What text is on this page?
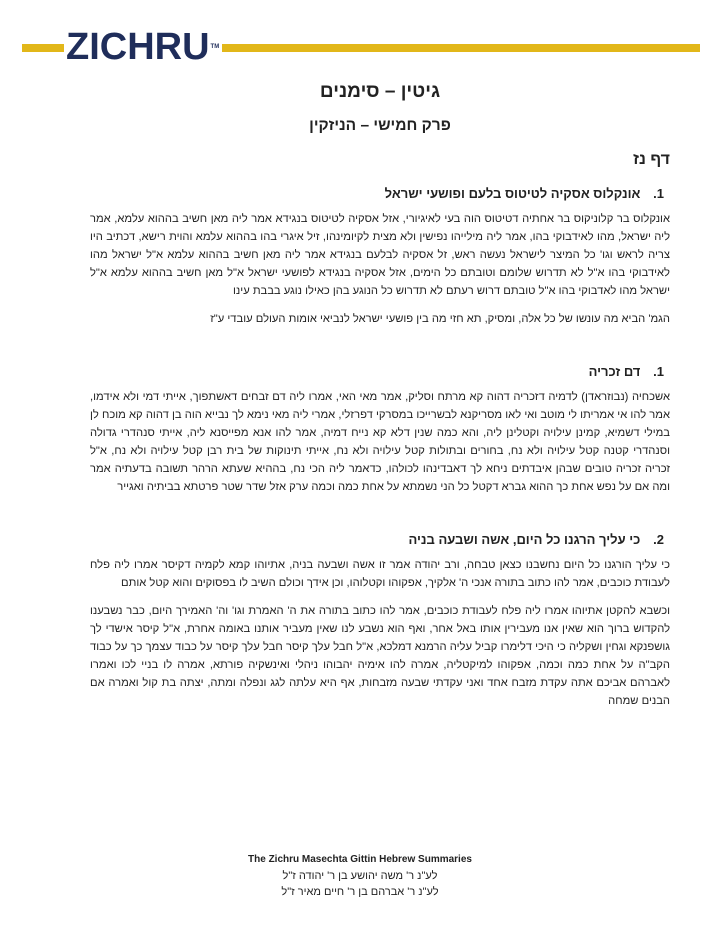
ZICHRU™
גיטין – סימנים
פרק חמישי – הניזקין
דף נז
1. אונקלוס אסקיה לטיטוס בלעם ופושעי ישראל

אונקלוס בר קלוניקוס בר אחתיה דטיטוס הוה בעי לאיגיורי, אזל אסקיה לטיטוס בנגידא אמר ליה מאן חשיב בההוא עלמא, אמר ליה ישראל, מהו לאידבוקי בהו, אמר ליה מילייהו נפישין ולא מצית לקיומינהו, זיל איגרי בהו בההוא עלמא והוית רישא, דכתיב היו צריה לראש וגו' כל המיצר לישראל נעשה ראש, זל אסקיה לבלעם בנגידא אמר ליה מאן חשיב בההוא עלמא א"ל ישראל מהו לאידבוקי בהו א"ל לא תדרוש שלומם וטובתם כל הימים, אזל אסקיה בנגידא לפושעי ישראל א"ל מאן חשיב בההוא עלמא א"ל ישראל מהו לאדבוקי בהו א"ל טובתם דרוש רעתם לא תדרוש כל הנוגע בהן כאילו נוגע בבבת עינו

הגמ' הביא מה עונשו של כל אלה, ומסיק, תא חזי מה בין פושעי ישראל לנביאי אומות העולם עובדי ע"ז

1. דם זכריה

אשכחיה (נבוזראדן) לדמיה דזכריה דהוה קא מרתח וסליק, אמר מאי האי, אמרו ליה דם זבחים דאשתפוך, אייתי דמי ולא אידמו, אמר להו אי אמריתו לי מוטב ואי לאו מסריקנא לבשרייכו במסרקי דפרזלי, אמרי ליה מאי נימא לך נבייא הוה בן דהוה קא מוכח לן במילי דשמיא, קמינן עילויה וקטלינן ליה, והא כמה שנין דלא קא נייח דמיה, אמר להו אנא מפייסנא ליה, אייתי סנהדרי גדולה וסנהדרי קטנה קטל עילויה ולא נח, בחורים ובתולות קטל עילויה ולא נח, אייתי תינוקות של בית רבן קטל עילויה ולא נח, א"ל זכריה זכריה טובים שבהן איבדתים ניחא לך דאבדינהו לכולהו, כדאמר ליה הכי נח, בההיא שעתא הרהר תשובה בדעתיה אמר ומה אם על נפש אחת כך ההוא גברא דקטל כל הני נשמתא על אחת כמה וכמה ערק אזל שדר שטר פרטתא בביתיה ואגייר

2. כי עליך הרגנו כל היום, אשה ושבעה בניה

כי עליך הורגנו כל היום נחשבנו כצאן טבחה, ורב יהודה אמר זו אשה ושבעה בניה, אתיוהו קמא לקמיה דקיסר אמרו ליה פלח לעבודת כוכבים, אמר להו כתוב בתורה אנכי ה' אלקיך, אפקוהו וקטלוהו, וכן אידך וכולם השיב לו בפסוקים והוא קטל אותם

וכשבא להקטן אתיוהו אמרו ליה פלח לעבודת כוכבים, אמר להו כתוב בתורה את ה' האמרת וגו' וה' האמירך היום, כבר נשבענו להקדוש ברוך הוא שאין אנו מעבירין אותו באל אחר, ואף הוא נשבע לנו שאין מעביר אותנו באומה אחרת, א"ל קיסר אישדי לך גושפנקא וגחין ושקליה כי היכי דלימרו קביל עליה הרמנא דמלכא, א"ל חבל עלך קיסר חבל עלך קיסר על כבוד עצמך כך על כבוד הקב"ה על אחת כמה וכמה, אפקוהו למיקטליה, אמרה להו אימיה יהבוהו ניהלי ואינשקיה פורתא, אמרה לו בניי לכו ואמרו לאברהם אביכם אתה עקדת מזבח אחד ואני עקדתי שבעה מזבחות, אף היא עלתה לגג ונפלה ומתה, יצתה בת קול ואמרה אם הבנים שמחה

The Zichru Masechta Gittin Hebrew Summaries
לע"נ ר' משה יהושע בן ר' יהודה ז"ל
לע"נ ר' אברהם בן ר' חיים מאיר ז"ל
